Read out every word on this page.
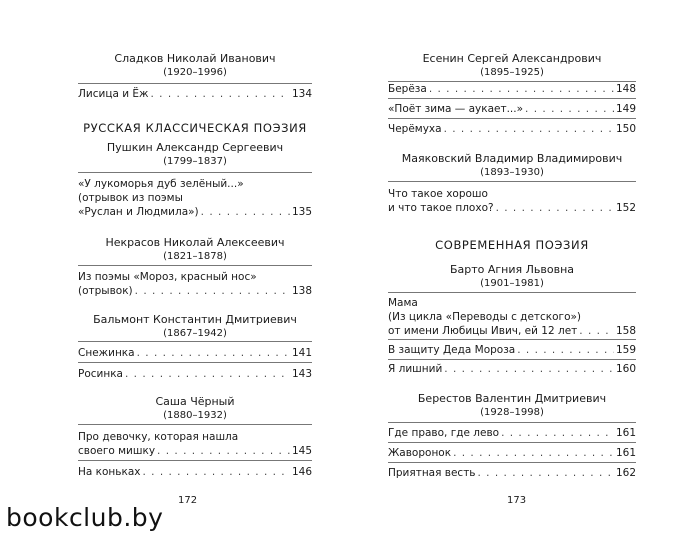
Сладков Николай Иванович
(1920–1996)
Лисица и Ёж . . .	134
РУССКАЯ КЛАССИЧЕСКАЯ ПОЭЗИЯ
Пушкин Александр Сергеевич
(1799–1837)
«У лукоморья дуб зелёный...»
(отрывок из поэмы
«Руслан и Людмила») . . .	135
Некрасов Николай Алексеевич
(1821–1878)
Из поэмы «Мороз, красный нос»
(отрывок) . . .	138
Бальмонт Константин Дмитриевич
(1867–1942)
Снежинка . . .	141
Росинка . . .	143
Саша Чёрный
(1880–1932)
Про девочку, которая нашла
своего мишку . . .	145
На коньках . . .	146
172
Есенин Сергей Александрович
(1895–1925)
Берёза . . .	148
«Поёт зима — аукает...» . . .	149
Черёмуха . . .	150
Маяковский Владимир Владимирович
(1893–1930)
Что такое хорошо
и что такое плохо? . . .	152
СОВРЕМЕННАЯ ПОЭЗИЯ
Барто Агния Львовна
(1901–1981)
Мама
(Из цикла «Переводы с детского»)
от имени Любицы Ивич, ей 12 лет . . .	158
В защиту Деда Мороза . . .	159
Я лишний . . .	160
Берестов Валентин Дмитриевич
(1928–1998)
Где право, где лево . . .	161
Жаворонок . . .	161
Приятная весть . . .	162
173
bookclub.by
